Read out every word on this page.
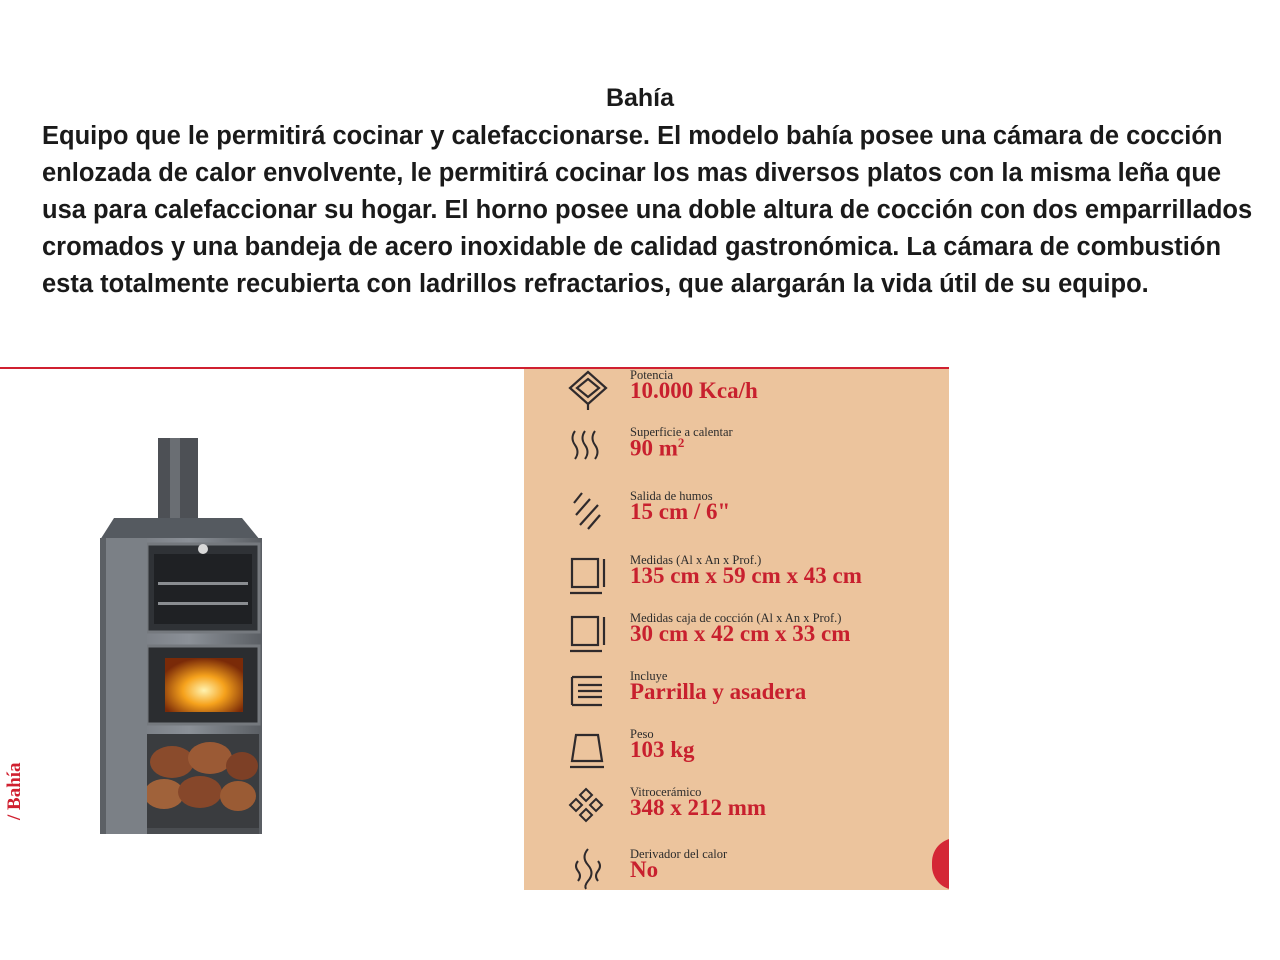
Bahía

Equipo que le permitirá cocinar y calefaccionarse. El modelo bahía posee una cámara de cocción enlozada de calor envolvente, le permitirá cocinar los mas diversos platos con la misma leña que usa para calefaccionar su hogar. El horno posee una doble altura de cocción con dos emparrillados cromados y una bandeja de acero inoxidable de calidad gastronómica. La cámara de combustión esta totalmente recubierta con ladrillos refractarios, que alargarán la vida útil de su equipo.

/ Bahía
Potencia
10.000 Kca/h
Superficie a calentar
90 $m^2$
Salida de humos
15 cm / 6"
Medidas (Al x An x Prof.)
135 cm x 59 cm x 43 cm
Medidas caja de cocción (Al x An x Prof.)
30 cm x 42 cm x 33 cm
Incluye
Parrilla y asadera
Peso
103 kg
Vitrocerámico
348 x 212 mm
Derivador del calor
No
